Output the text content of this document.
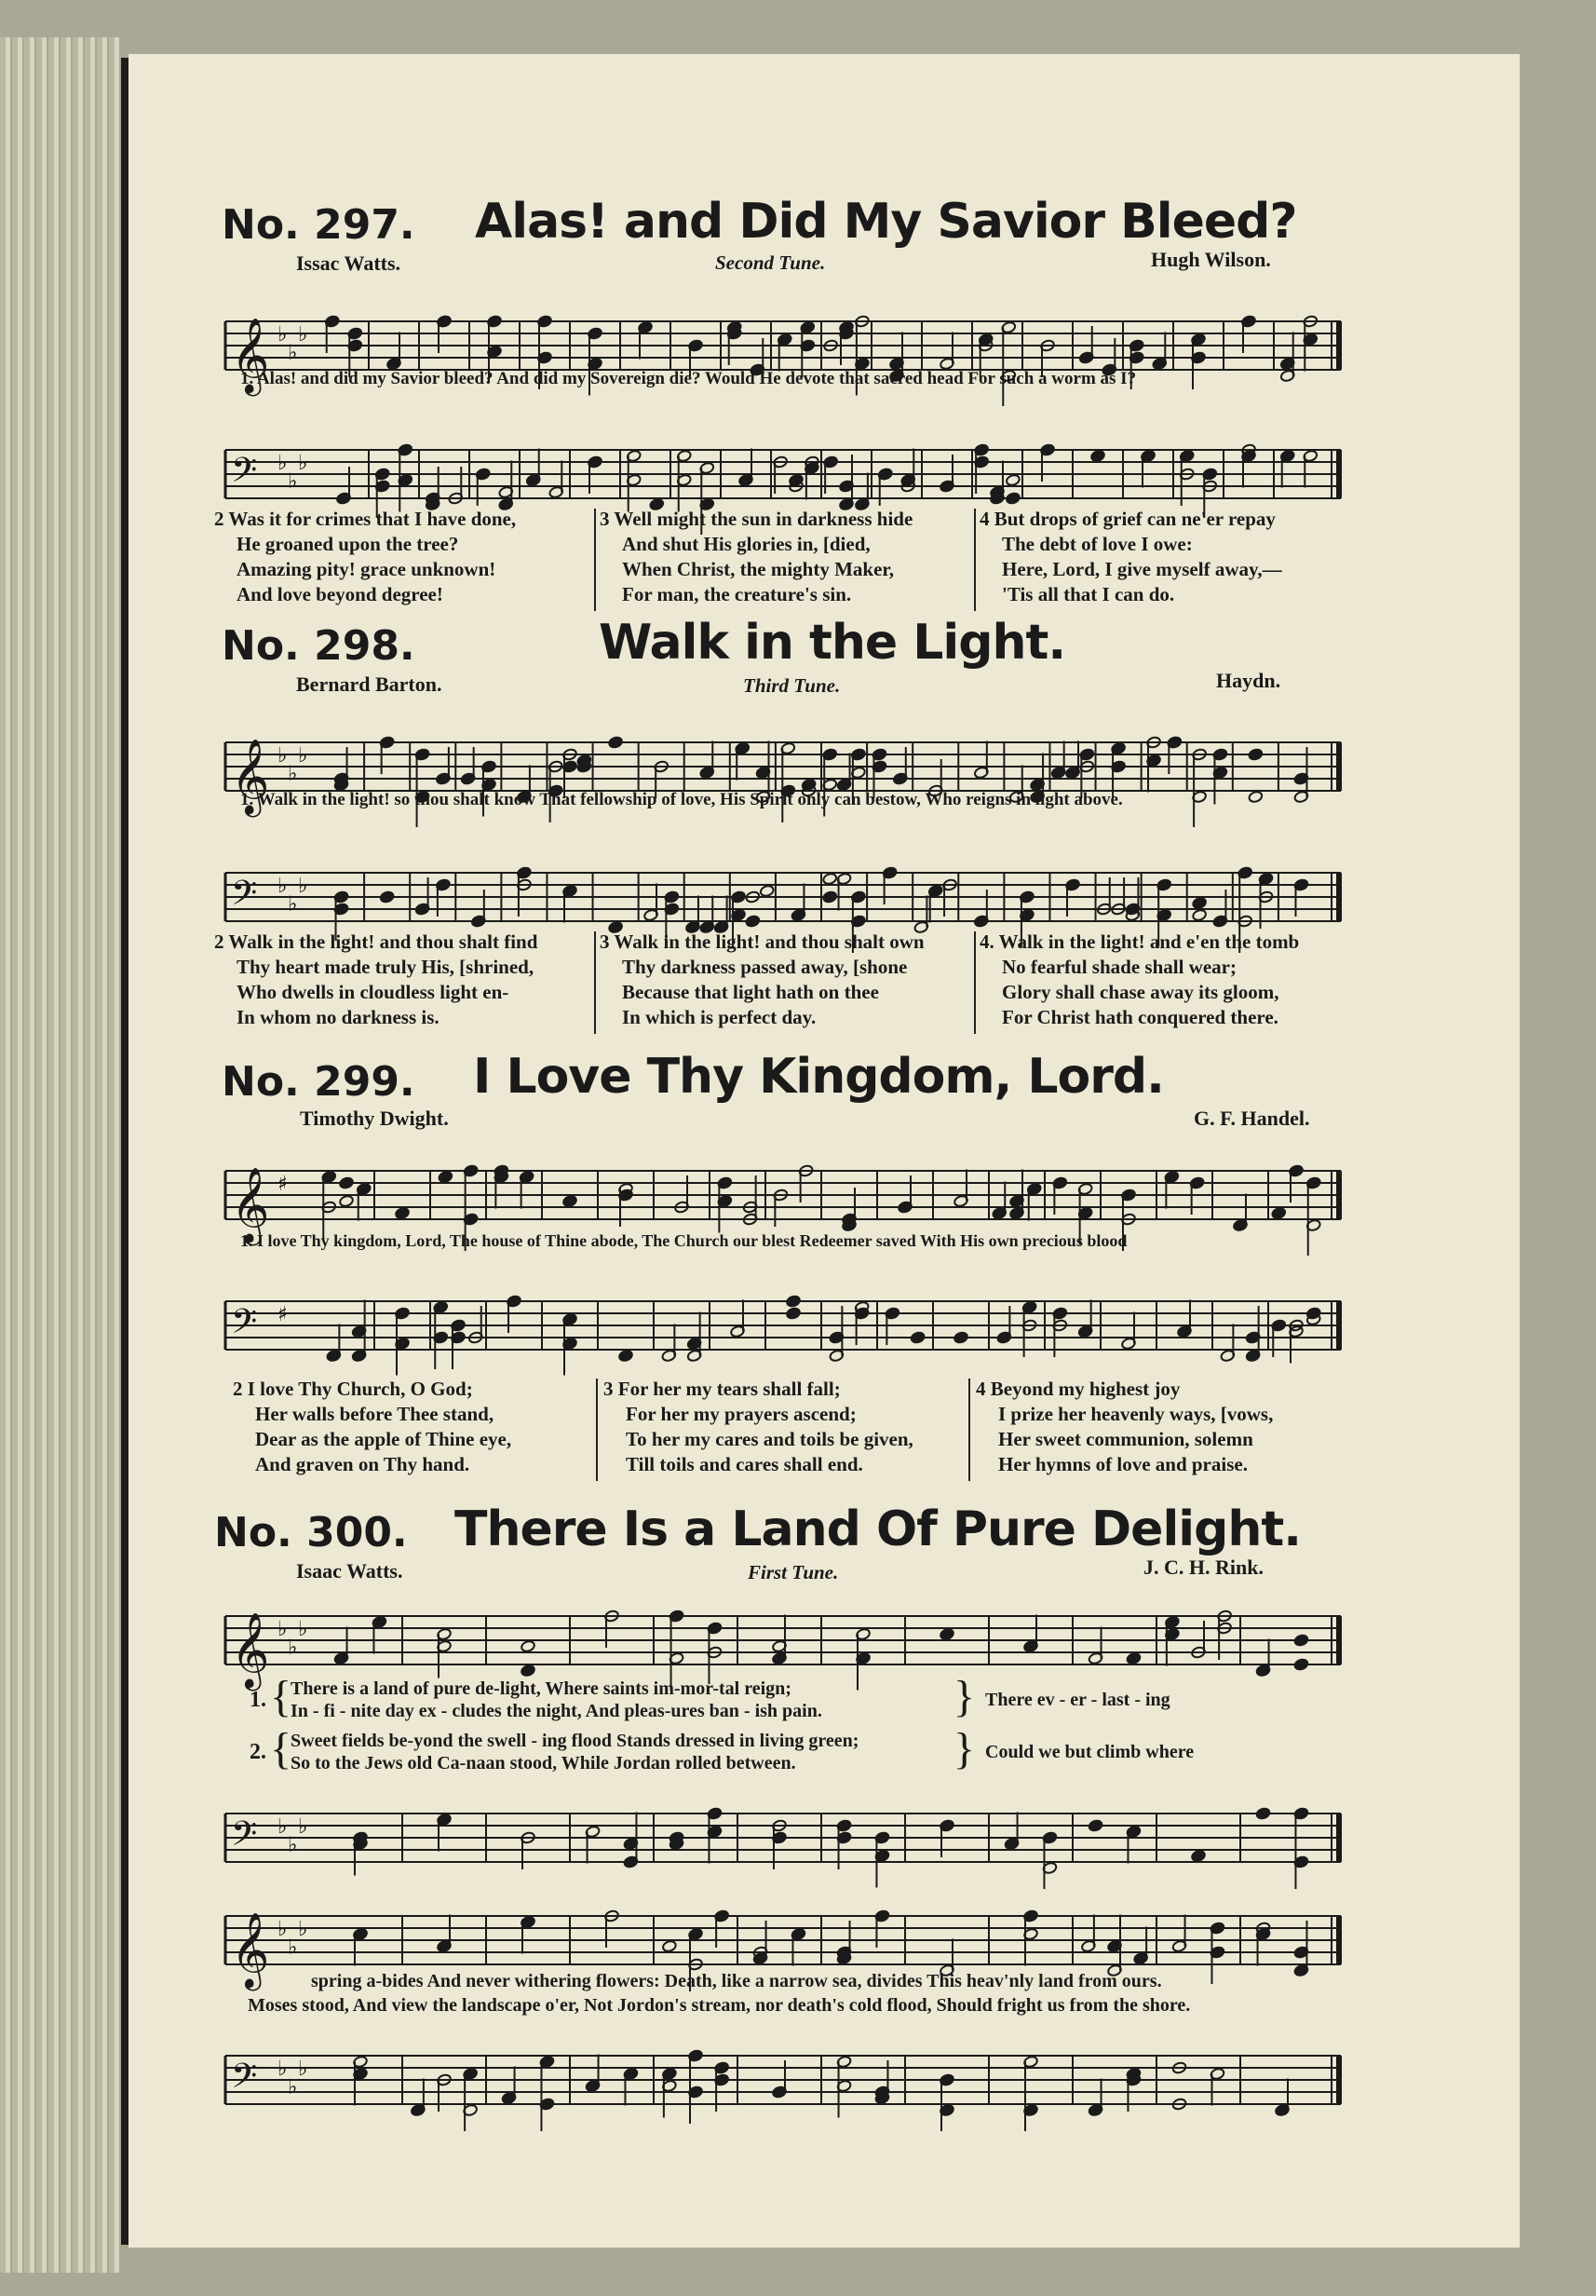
No. 297. Alas! and Did My Savior Bleed?
Issac Watts.	Second Tune.	Hugh Wilson.
𝄞 ♭
♭
♭
1. Alas! and did my Savior bleed? And did my Sovereign die? Would He devote that sacred head For such a worm as I?
𝄢 ♭
♭
♭
2 Was it for crimes that I have done,
He groaned upon the tree?
Amazing pity! grace unknown!
And love beyond degree!
3 Well might the sun in darkness hide
And shut His glories in, [died,
When Christ, the mighty Maker,
For man, the creature's sin.
4 But drops of grief can ne'er repay
The debt of love I owe:
Here, Lord, I give myself away,—
'Tis all that I can do.
No. 298.	Walk in the Light.
Bernard Barton.	Third Tune.	Haydn.
𝄞 ♭
♭
♭
1. Walk in the light! so thou shalt know That fellowship of love, His Spirit only can bestow, Who reigns in light above.
𝄢 ♭
♭
♭
2 Walk in the light! and thou shalt find
Thy heart made truly His, [shrined,
Who dwells in cloudless light en-
In whom no darkness is.
3 Walk in the light! and thou shalt own
Thy darkness passed away, [shone
Because that light hath on thee
In which is perfect day.
4. Walk in the light! and e'en the tomb
No fearful shade shall wear;
Glory shall chase away its gloom,
For Christ hath conquered there.
No. 299. I Love Thy Kingdom, Lord.
Timothy Dwight.	G. F. Handel.
𝄞 ♯
1. I love Thy kingdom, Lord, The house of Thine abode, The Church our blest Redeemer saved With His own precious blood
𝄢 ♯
2 I love Thy Church, O God;
Her walls before Thee stand,
Dear as the apple of Thine eye,
And graven on Thy hand.
3 For her my tears shall fall;
For her my prayers ascend;
To her my cares and toils be given,
Till toils and cares shall end.
4 Beyond my highest joy
I prize her heavenly ways, [vows,
Her sweet communion, solemn
Her hymns of love and praise.
No. 300. There Is a Land Of Pure Delight.
Isaac Watts.	First Tune.	J. C. H. Rink.
𝄞 ♭
♭
♭
1. {
There is a land of pure de-light, Where saints im-mor-tal reign;
In - fi - nite day ex - cludes the night, And pleas-ures ban - ish pain.	} There ev - er - last - ing
2. {
Sweet fields be-yond the swell - ing flood Stands dressed in living green;
So to the Jews old Ca-naan stood, While Jordan rolled between.	} Could we but climb where
𝄢 ♭
♭
♭
𝄞 ♭
♭
♭
spring a-bides And never withering flowers: Death, like a narrow sea, divides This heav'nly land from ours.
Moses stood, And view the landscape o'er, Not Jordon's stream, nor death's cold flood, Should fright us from the shore.
𝄢 ♭
♭
♭
